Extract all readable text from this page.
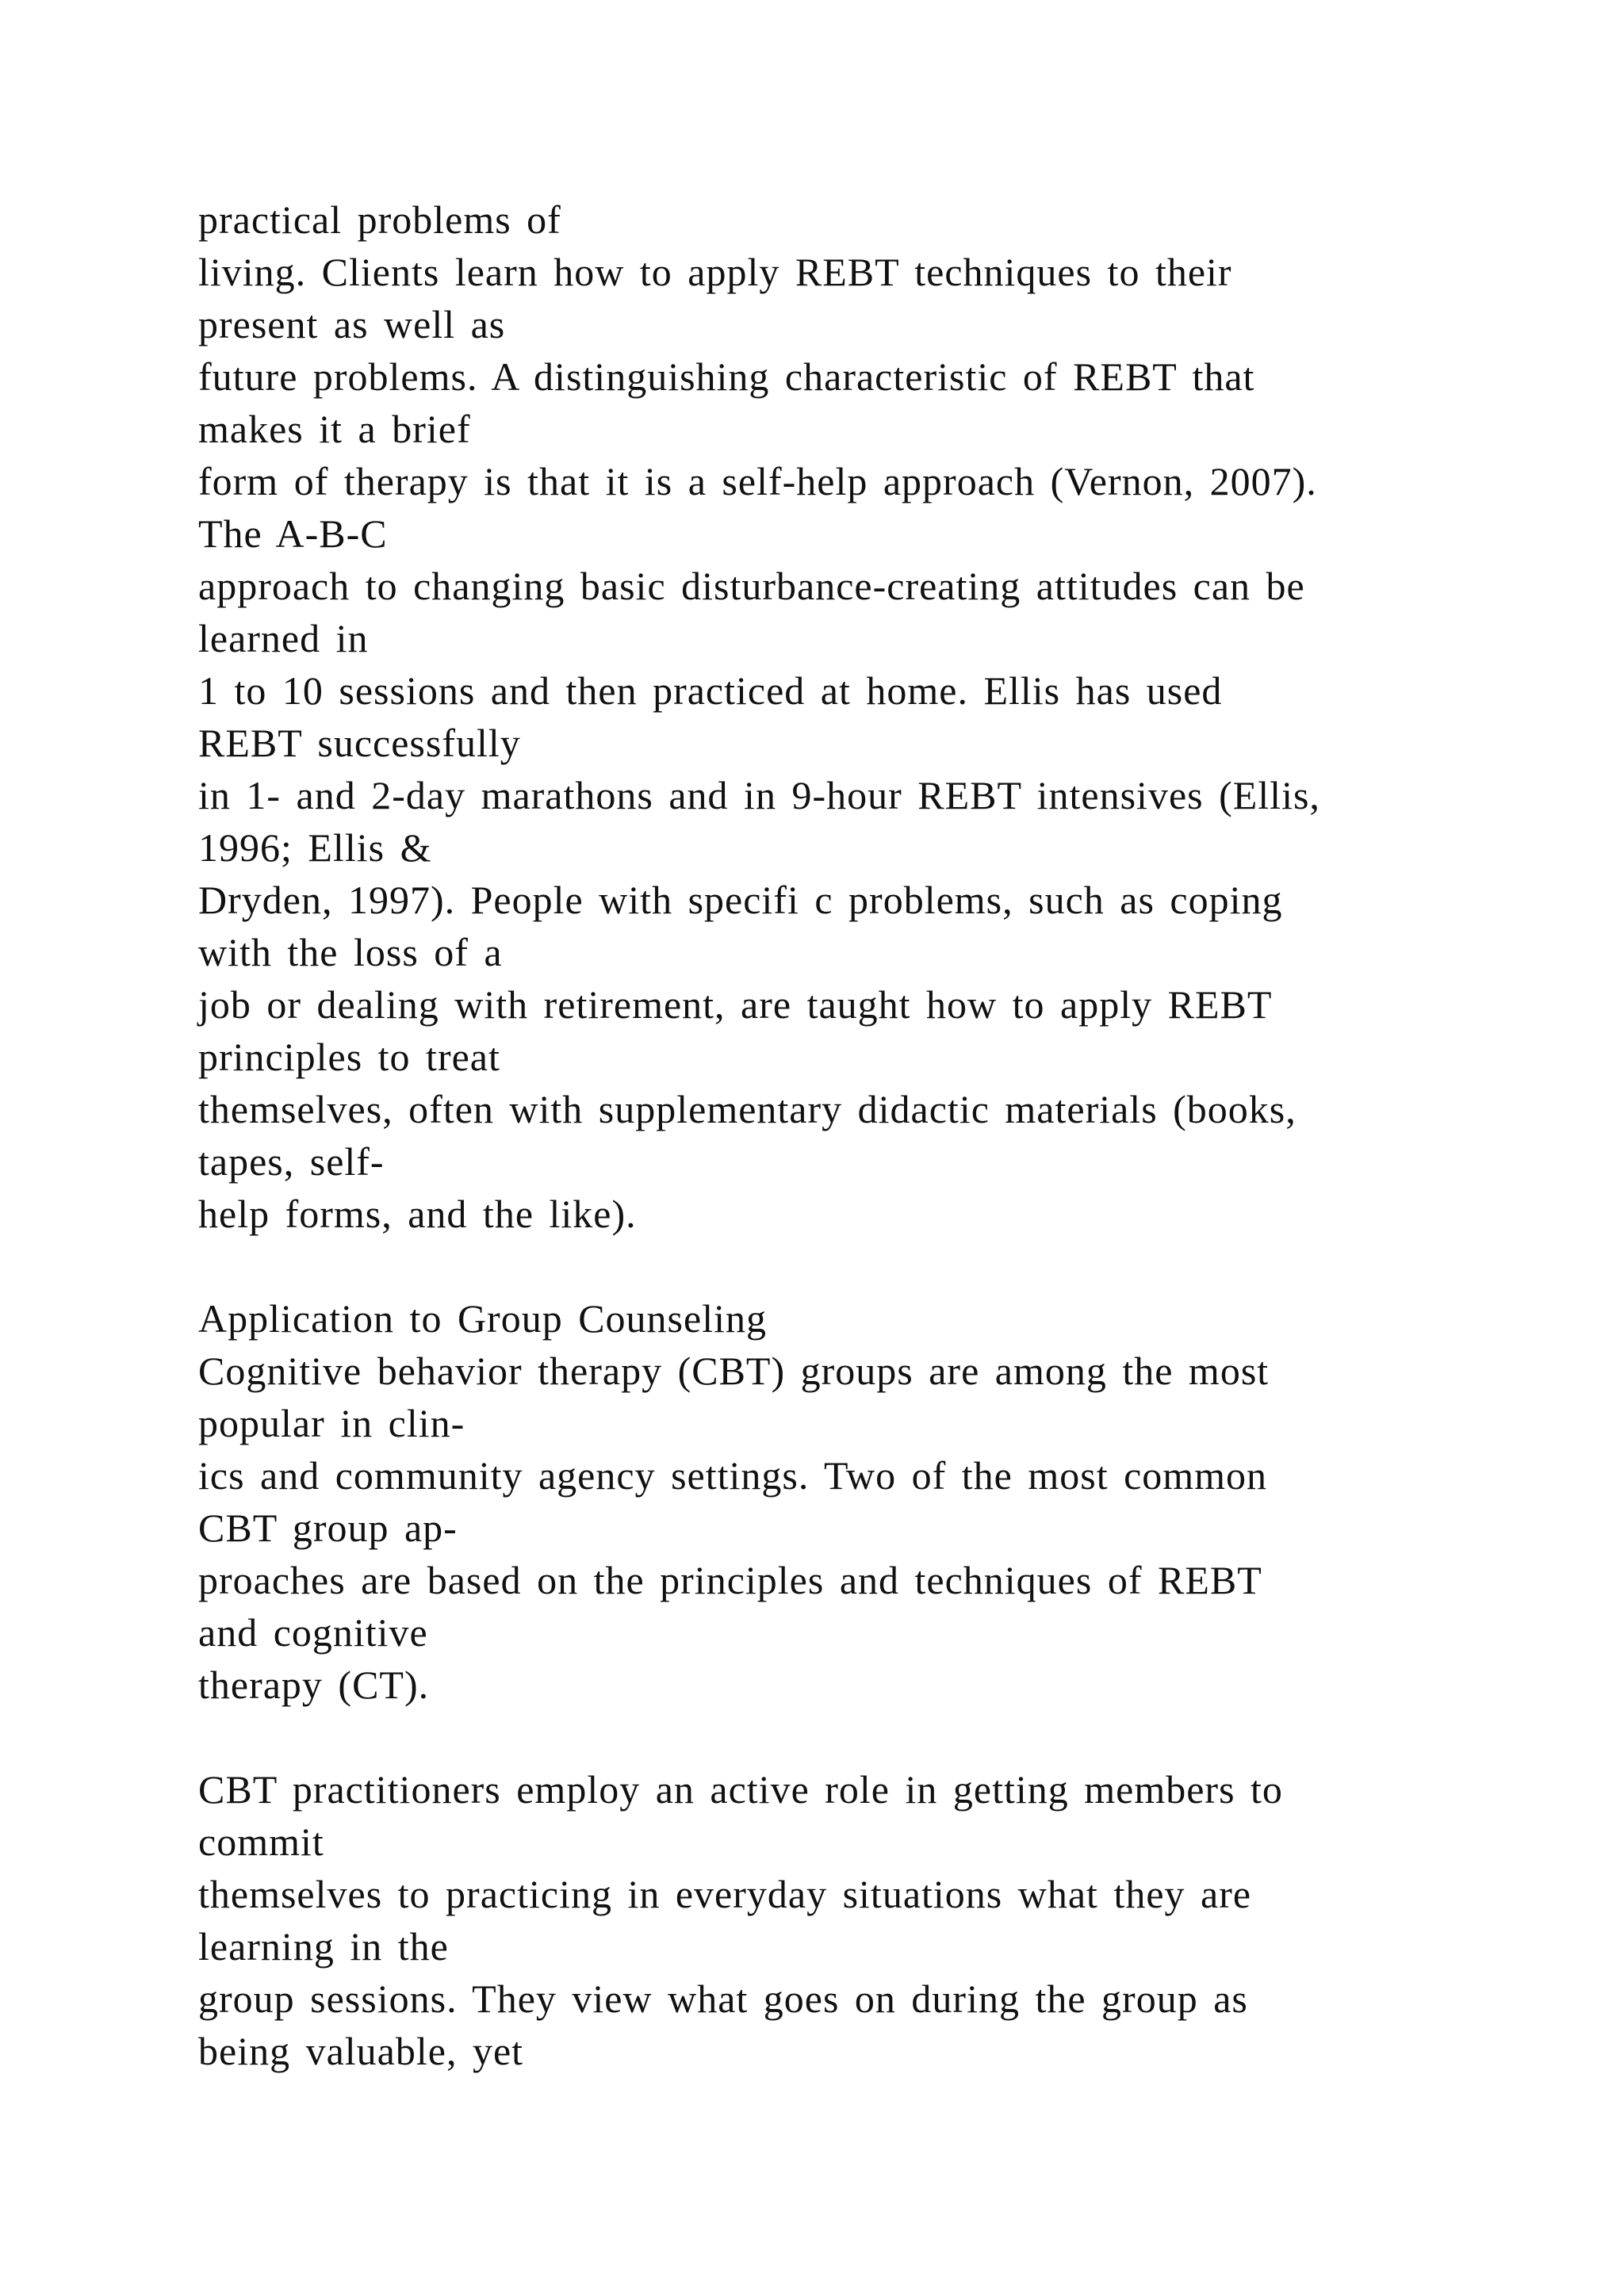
practical problems of
living. Clients learn how to apply REBT techniques to their
present as well as
future problems. A distinguishing characteristic of REBT that
makes it a brief
form of therapy is that it is a self-help approach (Vernon, 2007).
The A-B-C
approach to changing basic disturbance-creating attitudes can be
learned in
1 to 10 sessions and then practiced at home. Ellis has used
REBT successfully
in 1- and 2-day marathons and in 9-hour REBT intensives (Ellis,
1996; Ellis &
Dryden, 1997). People with specifi c problems, such as coping
with the loss of a
job or dealing with retirement, are taught how to apply REBT
principles to treat
themselves, often with supplementary didactic materials (books,
tapes, self-
help forms, and the like).
Application to Group Counseling
Cognitive behavior therapy (CBT) groups are among the most
popular in clin-
ics and community agency settings. Two of the most common
CBT group ap-
proaches are based on the principles and techniques of REBT
and cognitive
therapy (CT).
CBT practitioners employ an active role in getting members to
commit
themselves to practicing in everyday situations what they are
learning in the
group sessions. They view what goes on during the group as
being valuable, yet
